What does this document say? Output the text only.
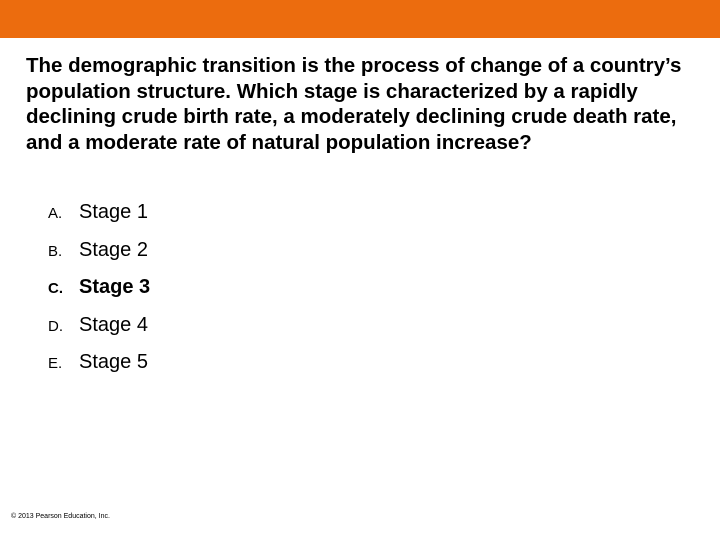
The demographic transition is the process of change of a country’s population structure. Which stage is characterized by a rapidly declining crude birth rate, a moderately declining crude death rate, and a moderate rate of natural population increase?

A. Stage 1
B. Stage 2
C. Stage 3
D. Stage 4
E. Stage 5
© 2013 Pearson Education, Inc.
